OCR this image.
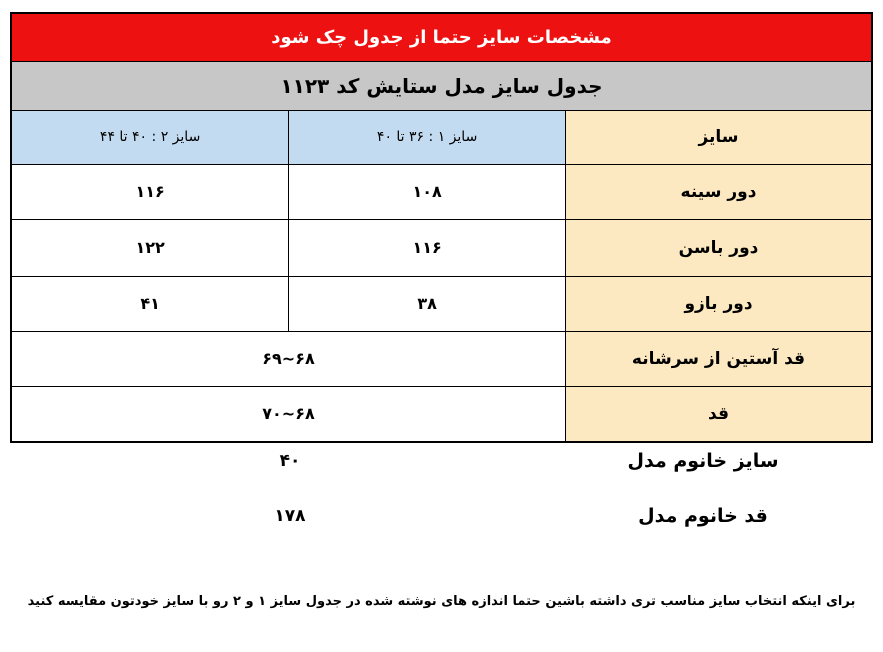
مشخصات سایز حتما از جدول چک شود
جدول سایز مدل ستایش کد ۱۱۲۳
سایز	سایز ۱ : ۳۶ تا ۴۰	سایز ۲ : ۴۰ تا ۴۴
دور سینه	۱۰۸	۱۱۶
دور باسن	۱۱۶	۱۲۲
دور بازو	۳۸	۴۱
قد آستین از سرشانه	۶۸~۶۹	
قد	۶۸~۷۰	
سایز خانوم مدل
۴۰
قد خانوم مدل
۱۷۸
برای اینکه انتخاب سایز مناسب تری داشته باشین حتما اندازه های نوشته شده در جدول سایز ۱ و ۲ رو با سایز خودتون مقایسه کنید
